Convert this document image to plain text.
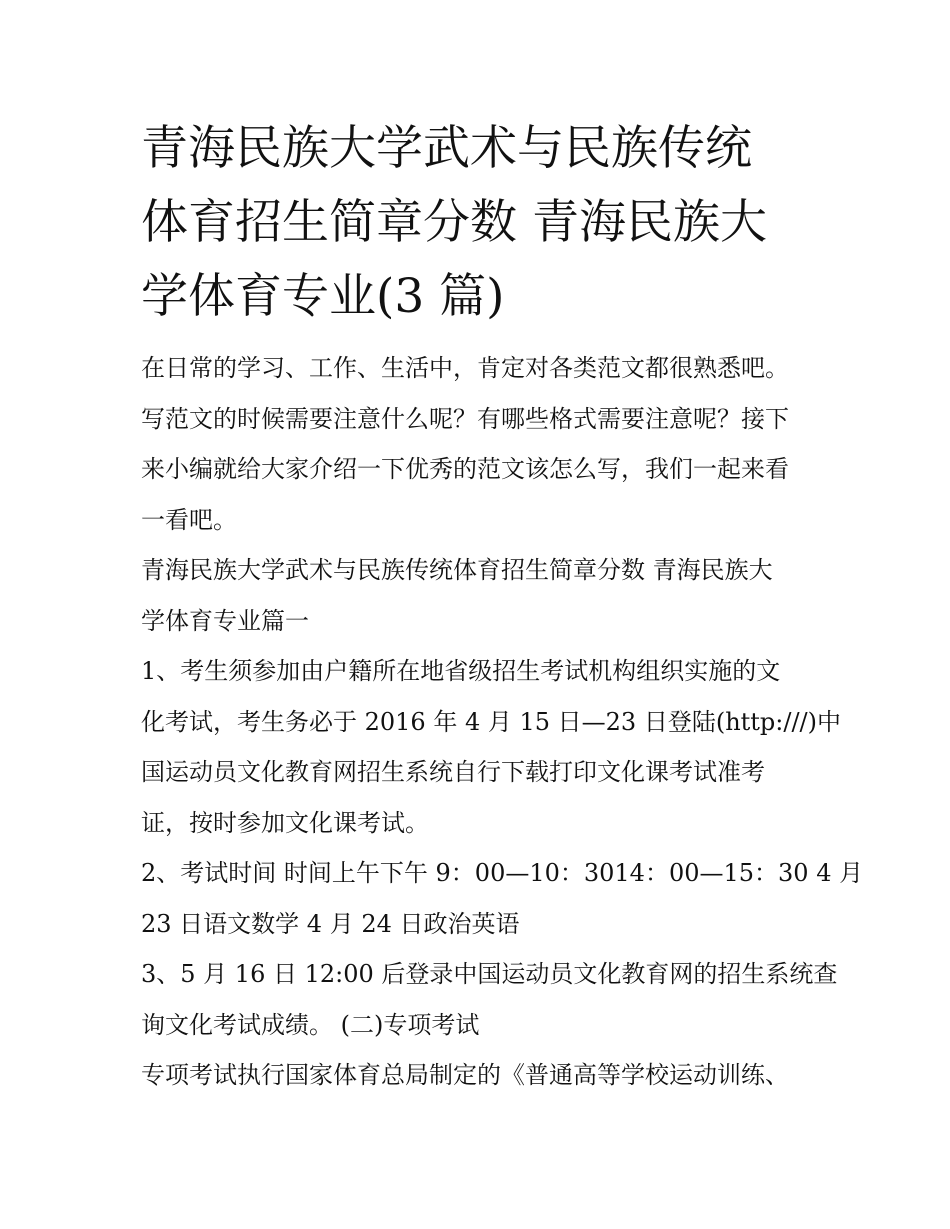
青海民族大学武术与民族传统
体育招生简章分数 青海民族大
学体育专业(3 篇)

在日常的学习、工作、生活中，肯定对各类范文都很熟悉吧。
写范文的时候需要注意什么呢？有哪些格式需要注意呢？接下
来小编就给大家介绍一下优秀的范文该怎么写，我们一起来看
一看吧。

青海民族大学武术与民族传统体育招生简章分数 青海民族大
学体育专业篇一

1、考生须参加由户籍所在地省级招生考试机构组织实施的文
化考试，考生务必于 2016 年 4 月 15 日—23 日登陆(http:///)中
国运动员文化教育网招生系统自行下载打印文化课考试准考
证，按时参加文化课考试。

2、考试时间 时间上午下午 9：00—10：3014：00—15：30 4 月
23 日语文数学 4 月 24 日政治英语

3、5 月 16 日 12:00 后登录中国运动员文化教育网的招生系统查
询文化考试成绩。 (二)专项考试

专项考试执行国家体育总局制定的《普通高等学校运动训练、
